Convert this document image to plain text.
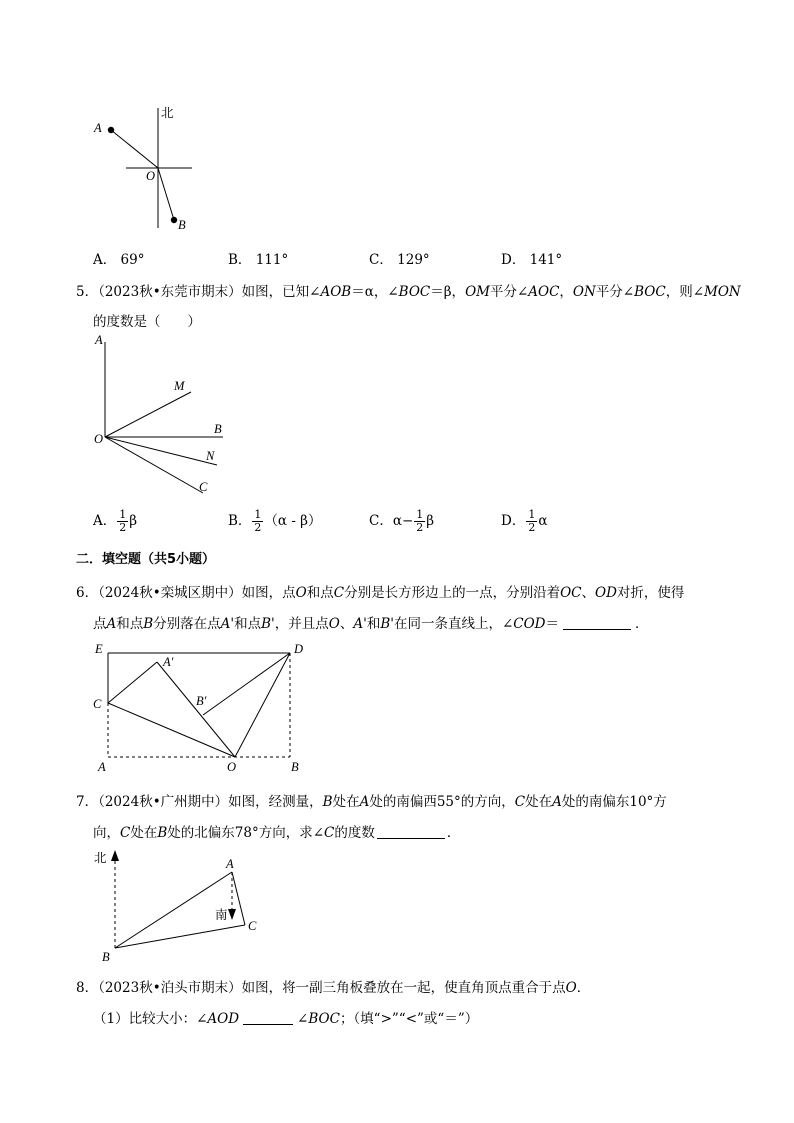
北
A
O
B
A． 69°	B． 111°	C． 129°	D． 141°
5．（2023秋•东莞市期末）如图，已知∠AOB＝α，∠BOC＝β，OM平分∠AOC，ON平分∠BOC，则∠MON
的度数是（　　）
A
M
O
B
N
C
A． $\frac{1}{2}$ β	B． $\frac{1}{2} (\alpha - \beta)$	C．$\alpha- \frac{1}{2}$ β	D． $\frac{1}{2}$ α
二．填空题（共5小题）
6．（2024秋•栾城区期中）如图，点O和点C分别是长方形边上的一点，分别沿着OC、OD对折，使得
点A和点B分别落在点A'和点B'，并且点O、A'和B'在同一条直线上，∠COD＝	．
E	D
A′
B′
C
A	O	B
7．（2024秋•广州期中）如图，经测量，B处在A处的南偏西55°的方向，C处在A处的南偏东10°方
向，C处在B处的北偏东78°方向，求∠C的度数	．
北	A
南
C
B
8．（2023秋•泊头市期末）如图，将一副三角板叠放在一起，使直角顶点重合于点O．
（1）比较大小：∠AOD	∠BOC；（填“>”“<”或“＝”）
